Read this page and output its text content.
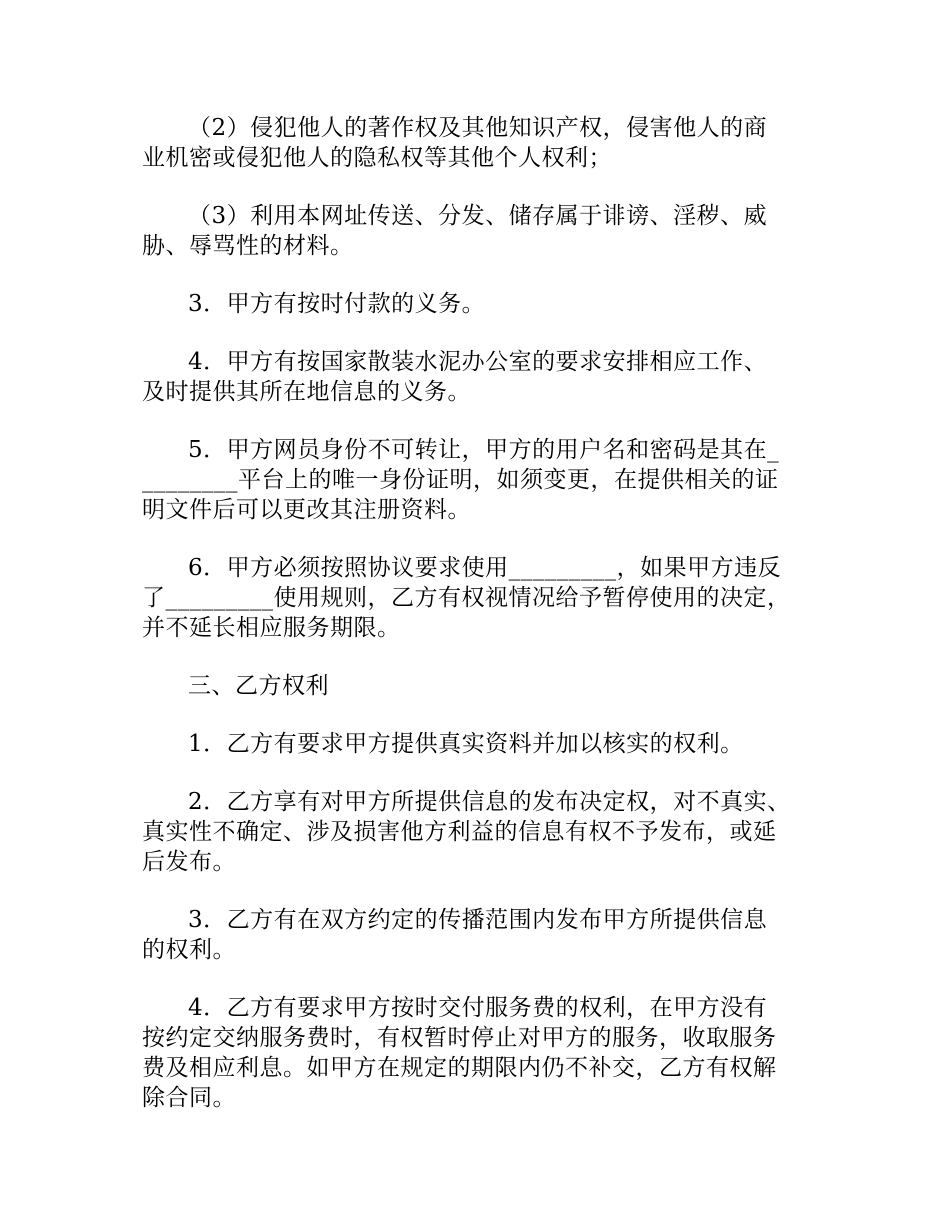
（2）侵犯他人的著作权及其他知识产权，侵害他人的商
业机密或侵犯他人的隐私权等其他个人权利；

（3）利用本网址传送、分发、储存属于诽谤、淫秽、威
胁、辱骂性的材料。

3．甲方有按时付款的义务。

4．甲方有按国家散装水泥办公室的要求安排相应工作、
及时提供其所在地信息的义务。

5．甲方网员身份不可转让，甲方的用户名和密码是其在_
________平台上的唯一身份证明，如须变更，在提供相关的证
明文件后可以更改其注册资料。

6．甲方必须按照协议要求使用_________，如果甲方违反
了_________使用规则，乙方有权视情况给予暂停使用的决定，
并不延长相应服务期限。

三、乙方权利

1．乙方有要求甲方提供真实资料并加以核实的权利。

2．乙方享有对甲方所提供信息的发布决定权，对不真实、
真实性不确定、涉及损害他方利益的信息有权不予发布，或延
后发布。

3．乙方有在双方约定的传播范围内发布甲方所提供信息
的权利。

4．乙方有要求甲方按时交付服务费的权利，在甲方没有
按约定交纳服务费时，有权暂时停止对甲方的服务，收取服务
费及相应利息。如甲方在规定的期限内仍不补交，乙方有权解
除合同。
